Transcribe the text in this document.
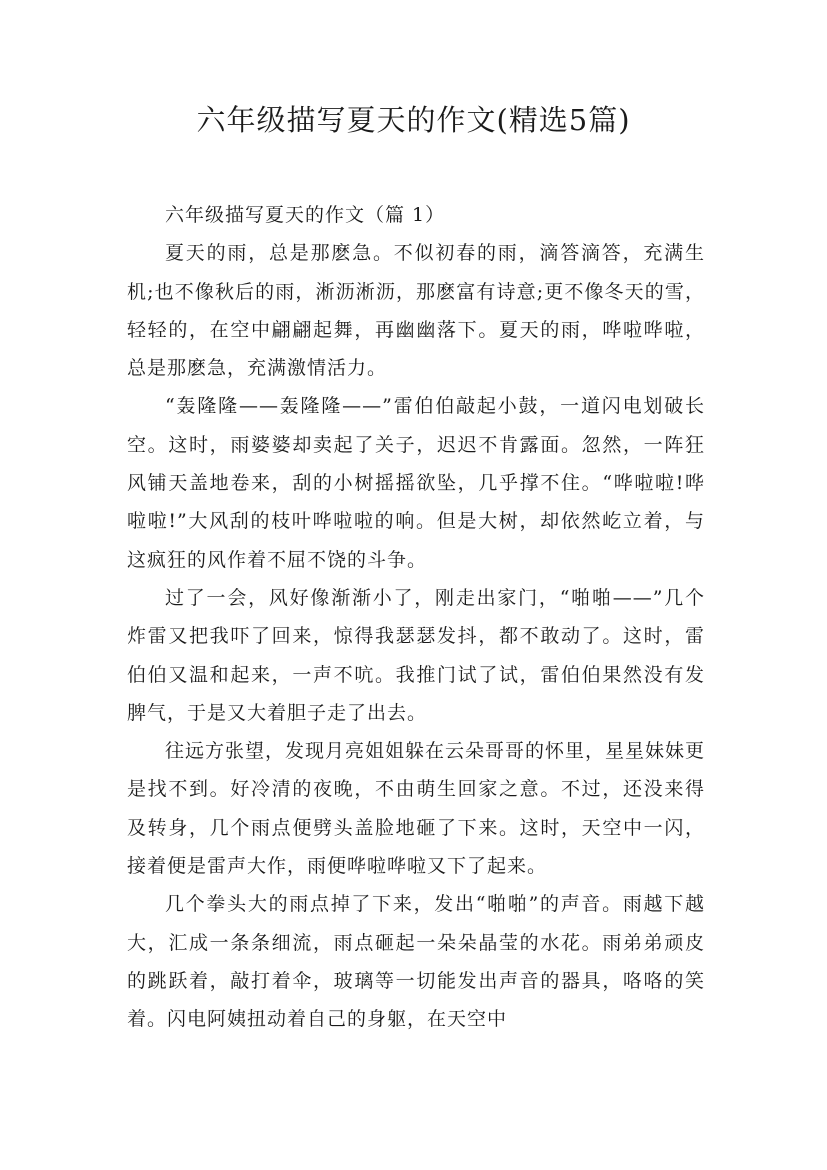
六年级描写夏天的作文(精选5篇)
六年级描写夏天的作文（篇 1）

夏天的雨，总是那麽急。不似初春的雨，滴答滴答，充满生机;也不像秋后的雨，淅沥淅沥，那麽富有诗意;更不像冬天的雪，轻轻的，在空中翩翩起舞，再幽幽落下。夏天的雨，哗啦哗啦，总是那麽急，充满激情活力。

“轰隆隆——轰隆隆——”雷伯伯敲起小鼓，一道闪电划破长空。这时，雨婆婆却卖起了关子，迟迟不肯露面。忽然，一阵狂风铺天盖地卷来，刮的小树摇摇欲坠，几乎撑不住。“哗啦啦!哗啦啦!”大风刮的枝叶哗啦啦的响。但是大树，却依然屹立着，与这疯狂的风作着不屈不饶的斗争。

过了一会，风好像渐渐小了，刚走出家门，“啪啪——”几个炸雷又把我吓了回来，惊得我瑟瑟发抖，都不敢动了。这时，雷伯伯又温和起来，一声不吭。我推门试了试，雷伯伯果然没有发脾气，于是又大着胆子走了出去。

往远方张望，发现月亮姐姐躲在云朵哥哥的怀里，星星妹妹更是找不到。好冷清的夜晚，不由萌生回家之意。不过，还没来得及转身，几个雨点便劈头盖脸地砸了下来。这时，天空中一闪，接着便是雷声大作，雨便哗啦哗啦又下了起来。

几个拳头大的雨点掉了下来，发出“啪啪”的声音。雨越下越大，汇成一条条细流，雨点砸起一朵朵晶莹的水花。雨弟弟顽皮的跳跃着，敲打着伞，玻璃等一切能发出声音的器具，咯咯的笑着。闪电阿姨扭动着自己的身躯，在天空中
